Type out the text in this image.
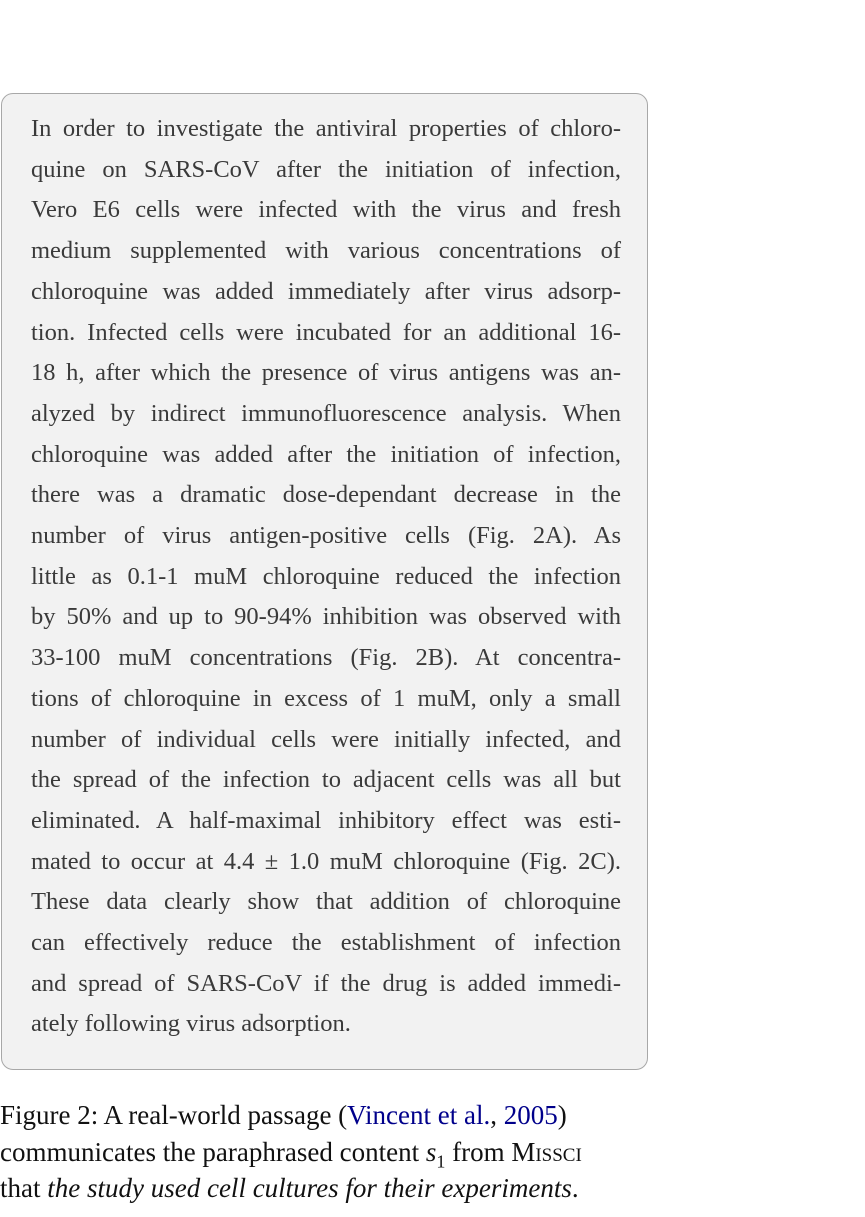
In order to investigate the antiviral properties of chloro-
quine on SARS-CoV after the initiation of infection,
Vero E6 cells were infected with the virus and fresh
medium supplemented with various concentrations of
chloroquine was added immediately after virus adsorp-
tion. Infected cells were incubated for an additional 16-
18 h, after which the presence of virus antigens was an-
alyzed by indirect immunofluorescence analysis. When
chloroquine was added after the initiation of infection,
there was a dramatic dose-dependant decrease in the
number of virus antigen-positive cells (Fig. 2A). As
little as 0.1-1 muM chloroquine reduced the infection
by 50% and up to 90-94% inhibition was observed with
33-100 muM concentrations (Fig. 2B). At concentra-
tions of chloroquine in excess of 1 muM, only a small
number of individual cells were initially infected, and
the spread of the infection to adjacent cells was all but
eliminated. A half-maximal inhibitory effect was esti-
mated to occur at 4.4 ± 1.0 muM chloroquine (Fig. 2C).
These data clearly show that addition of chloroquine
can effectively reduce the establishment of infection
and spread of SARS-CoV if the drug is added immedi-
ately following virus adsorption.

Figure 2: A real-world passage (Vincent et al., 2005)
communicates the paraphrased content $s_1$ from Missci
that the study used cell cultures for their experiments.
